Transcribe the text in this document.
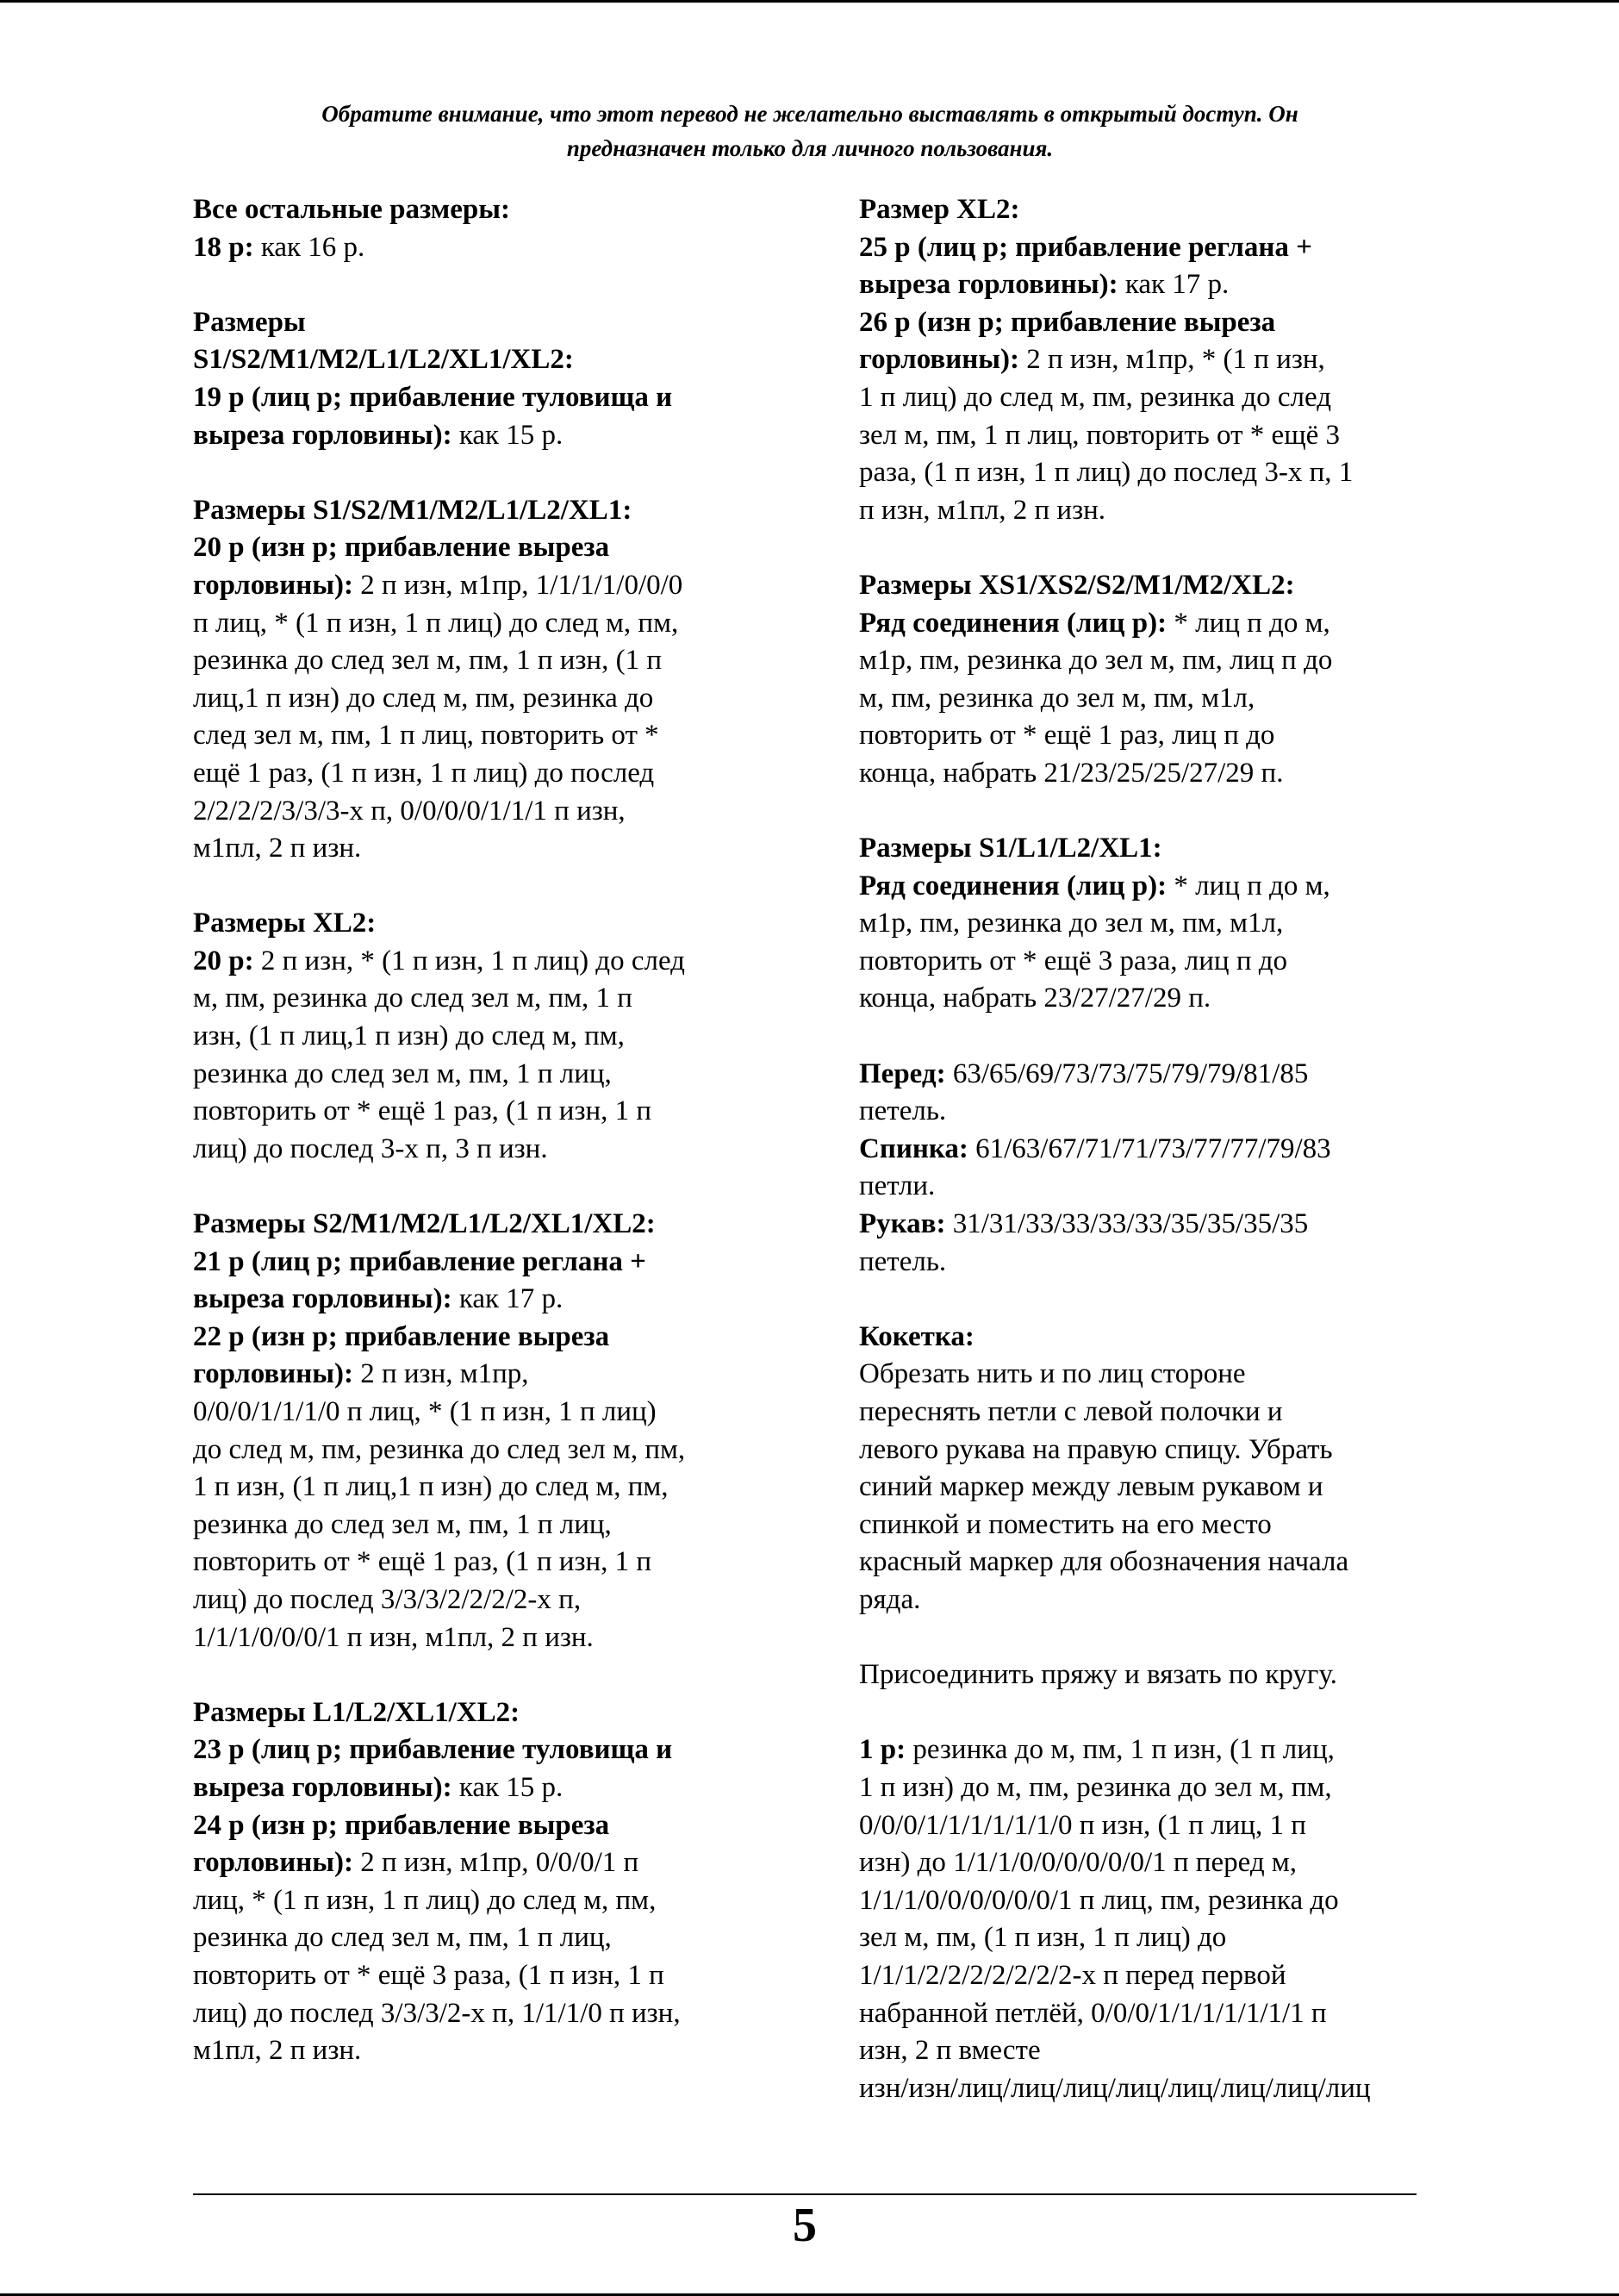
Обратите внимание, что этот перевод не желательно выставлять в открытый доступ. Он
предназначен только для личного пользования.
Все остальные размеры:
18 р: как 16 р.
Размеры
S1/S2/M1/M2/L1/L2/XL1/XL2:
19 р (лиц р; прибавление туловища и
выреза горловины): как 15 р.
Размеры S1/S2/M1/M2/L1/L2/XL1:
20 р (изн р; прибавление выреза
горловины): 2 п изн, м1пр, 1/1/1/1/0/0/0
п лиц, * (1 п изн, 1 п лиц) до след м, пм,
резинка до след зел м, пм, 1 п изн, (1 п
лиц,1 п изн) до след м, пм, резинка до
след зел м, пм, 1 п лиц, повторить от *
ещё 1 раз, (1 п изн, 1 п лиц) до послед
2/2/2/2/3/3/3-х п, 0/0/0/0/1/1/1 п изн,
м1пл, 2 п изн.
Размеры XL2:
20 р: 2 п изн, * (1 п изн, 1 п лиц) до след
м, пм, резинка до след зел м, пм, 1 п
изн, (1 п лиц,1 п изн) до след м, пм,
резинка до след зел м, пм, 1 п лиц,
повторить от * ещё 1 раз, (1 п изн, 1 п
лиц) до послед 3-х п, 3 п изн.
Размеры S2/M1/M2/L1/L2/XL1/XL2:
21 р (лиц р; прибавление реглана +
выреза горловины): как 17 р.
22 р (изн р; прибавление выреза
горловины): 2 п изн, м1пр,
0/0/0/1/1/1/0 п лиц, * (1 п изн, 1 п лиц)
до след м, пм, резинка до след зел м, пм,
1 п изн, (1 п лиц,1 п изн) до след м, пм,
резинка до след зел м, пм, 1 п лиц,
повторить от * ещё 1 раз, (1 п изн, 1 п
лиц) до послед 3/3/3/2/2/2/2-х п,
1/1/1/0/0/0/1 п изн, м1пл, 2 п изн.
Размеры L1/L2/XL1/XL2:
23 р (лиц р; прибавление туловища и
выреза горловины): как 15 р.
24 р (изн р; прибавление выреза
горловины): 2 п изн, м1пр, 0/0/0/1 п
лиц, * (1 п изн, 1 п лиц) до след м, пм,
резинка до след зел м, пм, 1 п лиц,
повторить от * ещё 3 раза, (1 п изн, 1 п
лиц) до послед 3/3/3/2-х п, 1/1/1/0 п изн,
м1пл, 2 п изн.
Размер XL2:
25 р (лиц р; прибавление реглана +
выреза горловины): как 17 р.
26 р (изн р; прибавление выреза
горловины): 2 п изн, м1пр, * (1 п изн,
1 п лиц) до след м, пм, резинка до след
зел м, пм, 1 п лиц, повторить от * ещё 3
раза, (1 п изн, 1 п лиц) до послед 3-х п, 1
п изн, м1пл, 2 п изн.
Размеры XS1/XS2/S2/M1/M2/XL2:
Ряд соединения (лиц р): * лиц п до м,
м1р, пм, резинка до зел м, пм, лиц п до
м, пм, резинка до зел м, пм, м1л,
повторить от * ещё 1 раз, лиц п до
конца, набрать 21/23/25/25/27/29 п.
Размеры S1/L1/L2/XL1:
Ряд соединения (лиц р): * лиц п до м,
м1р, пм, резинка до зел м, пм, м1л,
повторить от * ещё 3 раза, лиц п до
конца, набрать 23/27/27/29 п.
Перед: 63/65/69/73/73/75/79/79/81/85
петель.
Спинка: 61/63/67/71/71/73/77/77/79/83
петли.
Рукав: 31/31/33/33/33/33/35/35/35/35
петель.
Кокетка:
Обрезать нить и по лиц стороне
переснять петли с левой полочки и
левого рукава на правую спицу. Убрать
синий маркер между левым рукавом и
спинкой и поместить на его место
красный маркер для обозначения начала
ряда.
Присоединить пряжу и вязать по кругу.
1 р: резинка до м, пм, 1 п изн, (1 п лиц,
1 п изн) до м, пм, резинка до зел м, пм,
0/0/0/1/1/1/1/1/1/0 п изн, (1 п лиц, 1 п
изн) до 1/1/1/0/0/0/0/0/0/1 п перед м,
1/1/1/0/0/0/0/0/0/1 п лиц, пм, резинка до
зел м, пм, (1 п изн, 1 п лиц) до
1/1/1/2/2/2/2/2/2/2-х п перед первой
набранной петлёй, 0/0/0/1/1/1/1/1/1/1 п
изн, 2 п вместе
изн/изн/лиц/лиц/лиц/лиц/лиц/лиц/лиц/лиц
5
